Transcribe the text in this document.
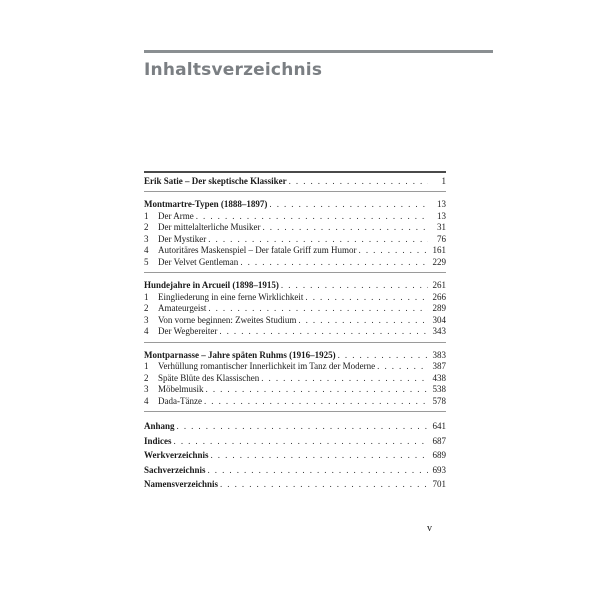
Inhaltsverzeichnis
Erik Satie – Der skeptische Klassiker . . .	1
Montmartre-Typen (1888–1897) . . .	13
1	Der Arme . . .	13
2	Der mittelalterliche Musiker . . .	31
3	Der Mystiker . . .	76
4	Autoritäres Maskenspiel – Der fatale Griff zum Humor . . .	161
5	Der Velvet Gentleman . . .	229
Hundejahre in Arcueil (1898–1915) . . .	261
1	Eingliederung in eine ferne Wirklichkeit . . .	266
2	Amateurgeist . . .	289
3	Von vorne beginnen: Zweites Studium . . .	304
4	Der Wegbereiter . . .	343
Montparnasse – Jahre späten Ruhms (1916–1925) . . .	383
1	Verhüllung romantischer Innerlichkeit im Tanz der Moderne . . .	387
2	Späte Blüte des Klassischen . . .	438
3	Möbelmusik . . .	538
4	Dada-Tänze . . .	578
Anhang . . .	641
Indices . . .	687
Werkverzeichnis . . .	689
Sachverzeichnis . . .	693
Namensverzeichnis . . .	701
v
